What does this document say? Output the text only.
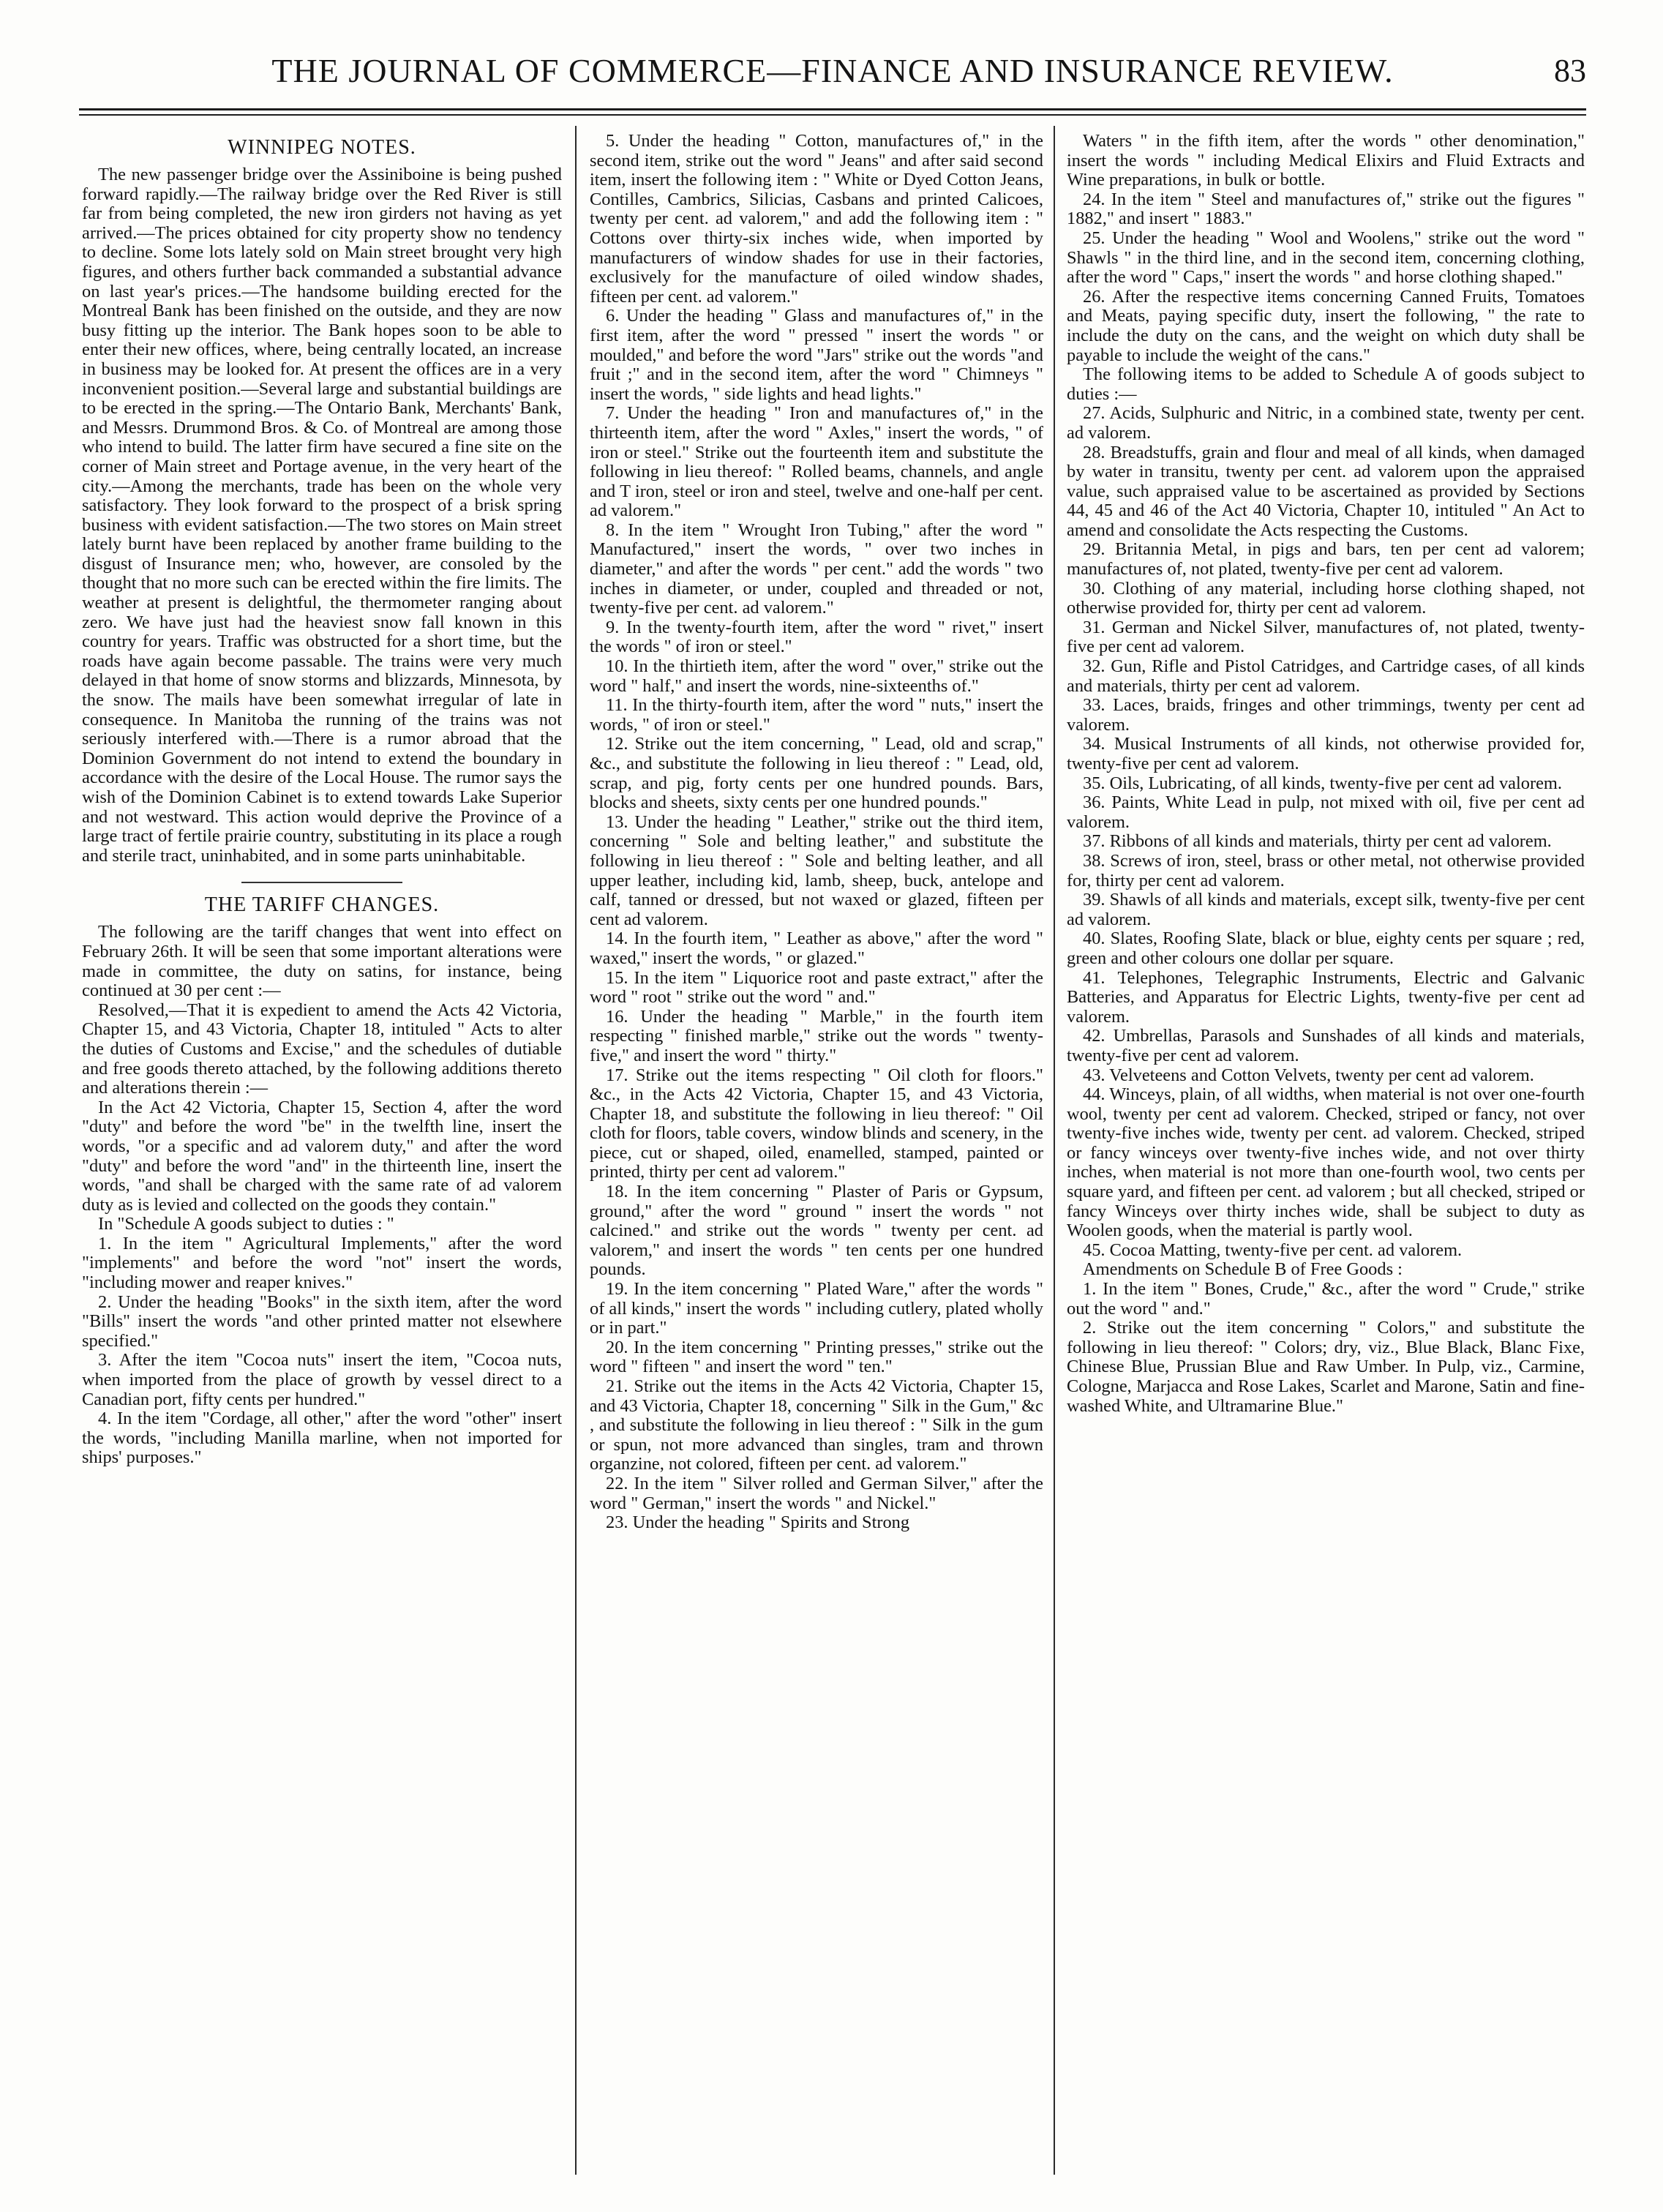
THE JOURNAL OF COMMERCE—FINANCE AND INSURANCE REVIEW.	83
WINNIPEG NOTES.

The new passenger bridge over the Assiniboine is being pushed forward rapidly.—The railway bridge over the Red River is still far from being completed, the new iron girders not having as yet arrived.—The prices obtained for city property show no tendency to decline. Some lots lately sold on Main street brought very high figures, and others further back commanded a substantial advance on last year's prices.—The handsome building erected for the Montreal Bank has been finished on the outside, and they are now busy fitting up the interior. The Bank hopes soon to be able to enter their new offices, where, being centrally located, an increase in business may be looked for. At present the offices are in a very inconvenient position.—Several large and substantial buildings are to be erected in the spring.—The Ontario Bank, Merchants' Bank, and Messrs. Drummond Bros. & Co. of Montreal are among those who intend to build. The latter firm have secured a fine site on the corner of Main street and Portage avenue, in the very heart of the city.—Among the merchants, trade has been on the whole very satisfactory. They look forward to the prospect of a brisk spring business with evident satisfaction.—The two stores on Main street lately burnt have been replaced by another frame building to the disgust of Insurance men; who, however, are consoled by the thought that no more such can be erected within the fire limits. The weather at present is delightful, the thermometer ranging about zero. We have just had the heaviest snow fall known in this country for years. Traffic was obstructed for a short time, but the roads have again become passable. The trains were very much delayed in that home of snow storms and blizzards, Minnesota, by the snow. The mails have been somewhat irregular of late in consequence. In Manitoba the running of the trains was not seriously interfered with.—There is a rumor abroad that the Dominion Government do not intend to extend the boundary in accordance with the desire of the Local House. The rumor says the wish of the Dominion Cabinet is to extend towards Lake Superior and not westward. This action would deprive the Province of a large tract of fertile prairie country, substituting in its place a rough and sterile tract, uninhabited, and in some parts uninhabitable.

THE TARIFF CHANGES.

The following are the tariff changes that went into effect on February 26th. It will be seen that some important alterations were made in committee, the duty on satins, for instance, being continued at 30 per cent :—

Resolved,—That it is expedient to amend the Acts 42 Victoria, Chapter 15, and 43 Victoria, Chapter 18, intituled " Acts to alter the duties of Customs and Excise," and the schedules of dutiable and free goods thereto attached, by the following additions thereto and alterations therein :—

In the Act 42 Victoria, Chapter 15, Section 4, after the word "duty" and before the word "be" in the twelfth line, insert the words, "or a specific and ad valorem duty," and after the word "duty" and before the word "and" in the thirteenth line, insert the words, "and shall be charged with the same rate of ad valorem duty as is levied and collected on the goods they contain."

In "Schedule A goods subject to duties : "

1. In the item " Agricultural Implements," after the word "implements" and before the word "not" insert the words, "including mower and reaper knives."

2. Under the heading "Books" in the sixth item, after the word "Bills" insert the words "and other printed matter not elsewhere specified."

3. After the item "Cocoa nuts" insert the item, "Cocoa nuts, when imported from the place of growth by vessel direct to a Canadian port, fifty cents per hundred."

4. In the item "Cordage, all other," after the word "other" insert the words, "including Manilla marline, when not imported for ships' purposes."

5. Under the heading " Cotton, manufactures of," in the second item, strike out the word " Jeans" and after said second item, insert the following item : " White or Dyed Cotton Jeans, Contilles, Cambrics, Silicias, Casbans and printed Calicoes, twenty per cent. ad valorem," and add the following item : " Cottons over thirty-six inches wide, when imported by manufacturers of window shades for use in their factories, exclusively for the manufacture of oiled window shades, fifteen per cent. ad valorem."

6. Under the heading " Glass and manufactures of," in the first item, after the word " pressed " insert the words " or moulded," and before the word "Jars" strike out the words "and fruit ;" and in the second item, after the word " Chimneys " insert the words, " side lights and head lights."

7. Under the heading " Iron and manufactures of," in the thirteenth item, after the word " Axles," insert the words, " of iron or steel." Strike out the fourteenth item and substitute the following in lieu thereof: " Rolled beams, channels, and angle and T iron, steel or iron and steel, twelve and one-half per cent. ad valorem."

8. In the item " Wrought Iron Tubing," after the word " Manufactured," insert the words, " over two inches in diameter," and after the words " per cent." add the words " two inches in diameter, or under, coupled and threaded or not, twenty-five per cent. ad valorem."

9. In the twenty-fourth item, after the word " rivet," insert the words " of iron or steel."

10. In the thirtieth item, after the word " over," strike out the word " half," and insert the words, nine-sixteenths of."

11. In the thirty-fourth item, after the word " nuts," insert the words, " of iron or steel."

12. Strike out the item concerning, " Lead, old and scrap," &c., and substitute the following in lieu thereof : " Lead, old, scrap, and pig, forty cents per one hundred pounds. Bars, blocks and sheets, sixty cents per one hundred pounds."

13. Under the heading " Leather," strike out the third item, concerning " Sole and belting leather," and substitute the following in lieu thereof : " Sole and belting leather, and all upper leather, including kid, lamb, sheep, buck, antelope and calf, tanned or dressed, but not waxed or glazed, fifteen per cent ad valorem.

14. In the fourth item, " Leather as above," after the word " waxed," insert the words, " or glazed."

15. In the item " Liquorice root and paste extract," after the word " root " strike out the word " and."

16. Under the heading " Marble," in the fourth item respecting " finished marble," strike out the words " twenty-five," and insert the word " thirty."

17. Strike out the items respecting " Oil cloth for floors." &c., in the Acts 42 Victoria, Chapter 15, and 43 Victoria, Chapter 18, and substitute the following in lieu thereof: " Oil cloth for floors, table covers, window blinds and scenery, in the piece, cut or shaped, oiled, enamelled, stamped, painted or printed, thirty per cent ad valorem."

18. In the item concerning " Plaster of Paris or Gypsum, ground," after the word " ground " insert the words " not calcined." and strike out the words " twenty per cent. ad valorem," and insert the words " ten cents per one hundred pounds.

19. In the item concerning " Plated Ware," after the words " of all kinds," insert the words " including cutlery, plated wholly or in part."

20. In the item concerning " Printing presses," strike out the word " fifteen " and insert the word " ten."

21. Strike out the items in the Acts 42 Victoria, Chapter 15, and 43 Victoria, Chapter 18, concerning " Silk in the Gum," &c , and substitute the following in lieu thereof : " Silk in the gum or spun, not more advanced than singles, tram and thrown organzine, not colored, fifteen per cent. ad valorem."

22. In the item " Silver rolled and German Silver," after the word " German," insert the words " and Nickel."

23. Under the heading " Spirits and Strong

Waters " in the fifth item, after the words " other denomination," insert the words " including Medical Elixirs and Fluid Extracts and Wine preparations, in bulk or bottle.

24. In the item " Steel and manufactures of," strike out the figures " 1882," and insert " 1883."

25. Under the heading " Wool and Woolens," strike out the word " Shawls " in the third line, and in the second item, concerning clothing, after the word " Caps," insert the words " and horse clothing shaped."

26. After the respective items concerning Canned Fruits, Tomatoes and Meats, paying specific duty, insert the following, " the rate to include the duty on the cans, and the weight on which duty shall be payable to include the weight of the cans."

The following items to be added to Schedule A of goods subject to duties :—

27. Acids, Sulphuric and Nitric, in a combined state, twenty per cent. ad valorem.

28. Breadstuffs, grain and flour and meal of all kinds, when damaged by water in transitu, twenty per cent. ad valorem upon the appraised value, such appraised value to be ascertained as provided by Sections 44, 45 and 46 of the Act 40 Victoria, Chapter 10, intituled " An Act to amend and consolidate the Acts respecting the Customs.

29. Britannia Metal, in pigs and bars, ten per cent ad valorem; manufactures of, not plated, twenty-five per cent ad valorem.

30. Clothing of any material, including horse clothing shaped, not otherwise provided for, thirty per cent ad valorem.

31. German and Nickel Silver, manufactures of, not plated, twenty-five per cent ad valorem.

32. Gun, Rifle and Pistol Catridges, and Cartridge cases, of all kinds and materials, thirty per cent ad valorem.

33. Laces, braids, fringes and other trimmings, twenty per cent ad valorem.

34. Musical Instruments of all kinds, not otherwise provided for, twenty-five per cent ad valorem.

35. Oils, Lubricating, of all kinds, twenty-five per cent ad valorem.

36. Paints, White Lead in pulp, not mixed with oil, five per cent ad valorem.

37. Ribbons of all kinds and materials, thirty per cent ad valorem.

38. Screws of iron, steel, brass or other metal, not otherwise provided for, thirty per cent ad valorem.

39. Shawls of all kinds and materials, except silk, twenty-five per cent ad valorem.

40. Slates, Roofing Slate, black or blue, eighty cents per square ; red, green and other colours one dollar per square.

41. Telephones, Telegraphic Instruments, Electric and Galvanic Batteries, and Apparatus for Electric Lights, twenty-five per cent ad valorem.

42. Umbrellas, Parasols and Sunshades of all kinds and materials, twenty-five per cent ad valorem.

43. Velveteens and Cotton Velvets, twenty per cent ad valorem.

44. Winceys, plain, of all widths, when material is not over one-fourth wool, twenty per cent ad valorem. Checked, striped or fancy, not over twenty-five inches wide, twenty per cent. ad valorem. Checked, striped or fancy winceys over twenty-five inches wide, and not over thirty inches, when material is not more than one-fourth wool, two cents per square yard, and fifteen per cent. ad valorem ; but all checked, striped or fancy Winceys over thirty inches wide, shall be subject to duty as Woolen goods, when the material is partly wool.

45. Cocoa Matting, twenty-five per cent. ad valorem.

Amendments on Schedule B of Free Goods :

1. In the item " Bones, Crude," &c., after the word " Crude," strike out the word " and."

2. Strike out the item concerning " Colors," and substitute the following in lieu thereof: " Colors; dry, viz., Blue Black, Blanc Fixe, Chinese Blue, Prussian Blue and Raw Umber. In Pulp, viz., Carmine, Cologne, Marjacca and Rose Lakes, Scarlet and Marone, Satin and fine-washed White, and Ultramarine Blue."
